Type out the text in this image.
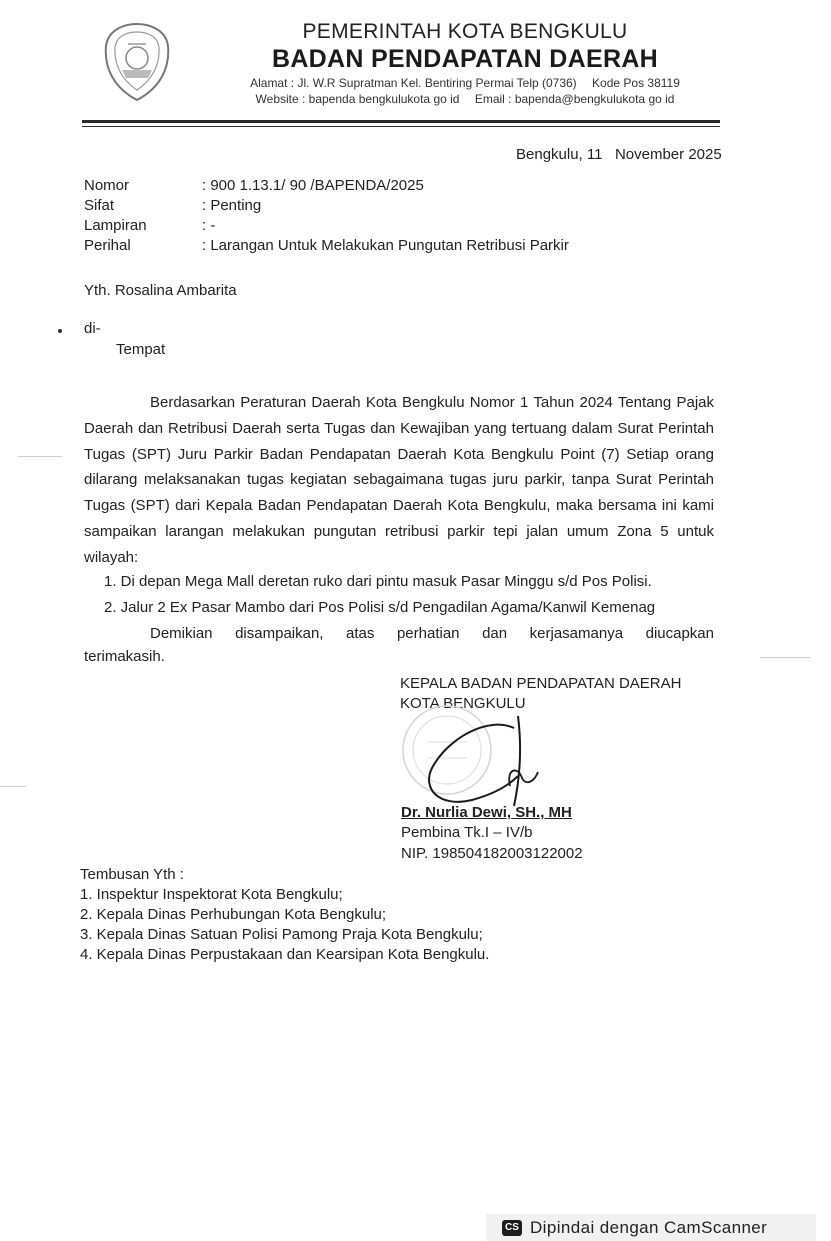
PEMERINTAH KOTA BENGKULU
BADAN PENDAPATAN DAERAH
Alamat : Jl. W.R Supratman Kel. Bentiring Permai Telp (0736) Kode Pos 38119
Website : bapenda bengkulukota go id Email : bapenda@bengkulukota go id
Bengkulu, 11   November 2025
Nomor	: 900 1.13.1/ 90 /BAPENDA/2025
Sifat	: Penting
Lampiran	: -
Perihal	: Larangan Untuk Melakukan Pungutan Retribusi Parkir
Yth. Rosalina Ambarita
di-
Tempat
Berdasarkan Peraturan Daerah Kota Bengkulu Nomor 1 Tahun 2024 Tentang Pajak Daerah dan Retribusi Daerah serta Tugas dan Kewajiban yang tertuang dalam Surat Perintah Tugas (SPT) Juru Parkir Badan Pendapatan Daerah Kota Bengkulu Point (7) Setiap orang dilarang melaksanakan tugas kegiatan sebagaimana tugas juru parkir, tanpa Surat Perintah Tugas (SPT) dari Kepala Badan Pendapatan Daerah Kota Bengkulu, maka bersama ini kami sampaikan larangan melakukan pungutan retribusi parkir tepi jalan umum Zona 5 untuk wilayah:
1. Di depan Mega Mall deretan ruko dari pintu masuk Pasar Minggu s/d Pos Polisi.
2. Jalur 2 Ex Pasar Mambo dari Pos Polisi s/d Pengadilan Agama/Kanwil Kemenag
Demikian disampaikan, atas perhatian dan kerjasamanya diucapkan
terimakasih.
KEPALA BADAN PENDAPATAN DAERAH
KOTA BENGKULU
Dr. Nurlia Dewi, SH., MH
Pembina Tk.I – IV/b
NIP. 198504182003122002
Tembusan Yth :
1. Inspektur Inspektorat Kota Bengkulu;
2. Kepala Dinas Perhubungan Kota Bengkulu;
3. Kepala Dinas Satuan Polisi Pamong Praja Kota Bengkulu;
4. Kepala Dinas Perpustakaan dan Kearsipan Kota Bengkulu.
CS Dipindai dengan CamScanner
